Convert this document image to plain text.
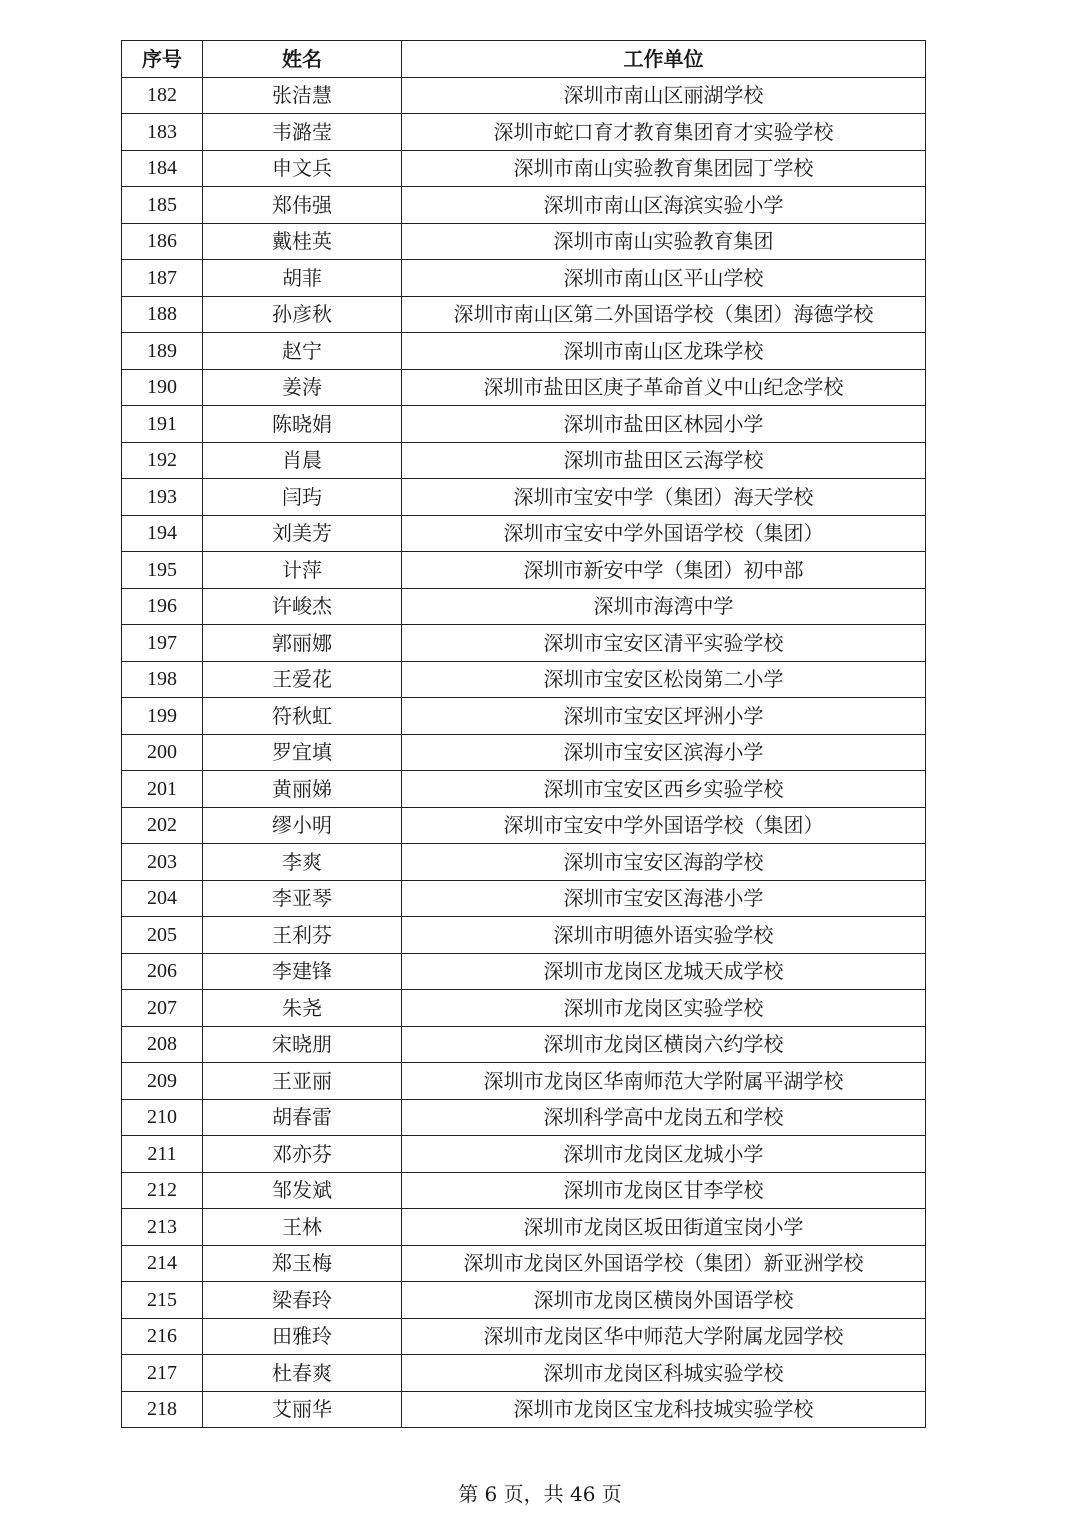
序号	姓名	工作单位
182	张洁慧	深圳市南山区丽湖学校
183	韦潞莹	深圳市蛇口育才教育集团育才实验学校
184	申文兵	深圳市南山实验教育集团园丁学校
185	郑伟强	深圳市南山区海滨实验小学
186	戴桂英	深圳市南山实验教育集团
187	胡菲	深圳市南山区平山学校
188	孙彦秋	深圳市南山区第二外国语学校（集团）海德学校
189	赵宁	深圳市南山区龙珠学校
190	姜涛	深圳市盐田区庚子革命首义中山纪念学校
191	陈晓娟	深圳市盐田区林园小学
192	肖晨	深圳市盐田区云海学校
193	闫玙	深圳市宝安中学（集团）海天学校
194	刘美芳	深圳市宝安中学外国语学校（集团）
195	计萍	深圳市新安中学（集团）初中部
196	许峻杰	深圳市海湾中学
197	郭丽娜	深圳市宝安区清平实验学校
198	王爱花	深圳市宝安区松岗第二小学
199	符秋虹	深圳市宝安区坪洲小学
200	罗宜填	深圳市宝安区滨海小学
201	黄丽娣	深圳市宝安区西乡实验学校
202	缪小明	深圳市宝安中学外国语学校（集团）
203	李爽	深圳市宝安区海韵学校
204	李亚琴	深圳市宝安区海港小学
205	王利芬	深圳市明德外语实验学校
206	李建锋	深圳市龙岗区龙城天成学校
207	朱尧	深圳市龙岗区实验学校
208	宋晓朋	深圳市龙岗区横岗六约学校
209	王亚丽	深圳市龙岗区华南师范大学附属平湖学校
210	胡春雷	深圳科学高中龙岗五和学校
211	邓亦芬	深圳市龙岗区龙城小学
212	邹发斌	深圳市龙岗区甘李学校
213	王林	深圳市龙岗区坂田街道宝岗小学
214	郑玉梅	深圳市龙岗区外国语学校（集团）新亚洲学校
215	梁春玲	深圳市龙岗区横岗外国语学校
216	田雅玲	深圳市龙岗区华中师范大学附属龙园学校
217	杜春爽	深圳市龙岗区科城实验学校
218	艾丽华	深圳市龙岗区宝龙科技城实验学校
第 6 页，共 46 页
